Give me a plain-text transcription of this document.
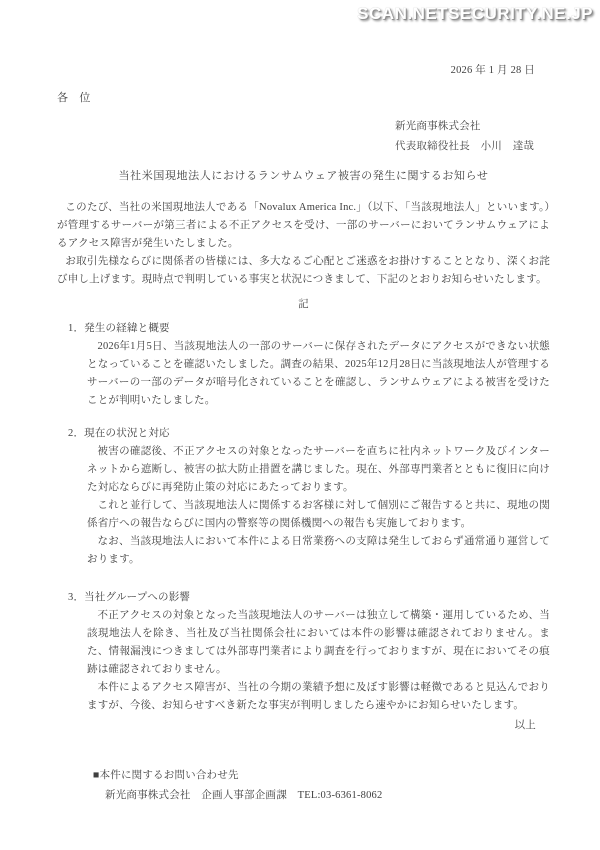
SCAN.NETSECURITY.NE.JP
2026 年 1 月 28 日
各　位
新光商事株式会社
代表取締役社長　小川　達哉
当社米国現地法人におけるランサムウェア被害の発生に関するお知らせ

このたび、当社の米国現地法人である「Novalux America Inc.」（以下、「当該現地法人」といいます。）が管理するサーバーが第三者による不正アクセスを受け、一部のサーバーにおいてランサムウェアによるアクセス障害が発生いたしました。

お取引先様ならびに関係者の皆様には、多大なるご心配とご迷惑をお掛けすることとなり、深くお詫び申し上げます。現時点で判明している事実と状況につきまして、下記のとおりお知らせいたします。

記
1．発生の経緯と概要

2026年1月5日、当該現地法人の一部のサーバーに保存されたデータにアクセスができない状態となっていることを確認いたしました。調査の結果、2025年12月28日に当該現地法人が管理するサーバーの一部のデータが暗号化されていることを確認し、ランサムウェアによる被害を受けたことが判明いたしました。

2．現在の状況と対応

被害の確認後、不正アクセスの対象となったサーバーを直ちに社内ネットワーク及びインターネットから遮断し、被害の拡大防止措置を講じました。現在、外部専門業者とともに復旧に向けた対応ならびに再発防止策の対応にあたっております。

これと並行して、当該現地法人に関係するお客様に対して個別にご報告すると共に、現地の関係省庁への報告ならびに国内の警察等の関係機関への報告も実施しております。

なお、当該現地法人において本件による日常業務への支障は発生しておらず通常通り運営しております。

3．当社グループへの影響

不正アクセスの対象となった当該現地法人のサーバーは独立して構築・運用しているため、当該現地法人を除き、当社及び当社関係会社においては本件の影響は確認されておりません。また、情報漏洩につきましては外部専門業者により調査を行っておりますが、現在においてその痕跡は確認されておりません。

本件によるアクセス障害が、当社の今期の業績予想に及ぼす影響は軽微であると見込んでおりますが、今後、お知らせすべき新たな事実が判明しましたら速やかにお知らせいたします。

以上
■本件に関するお問い合わせ先
新光商事株式会社　企画人事部企画課　TEL:03-6361-8062
